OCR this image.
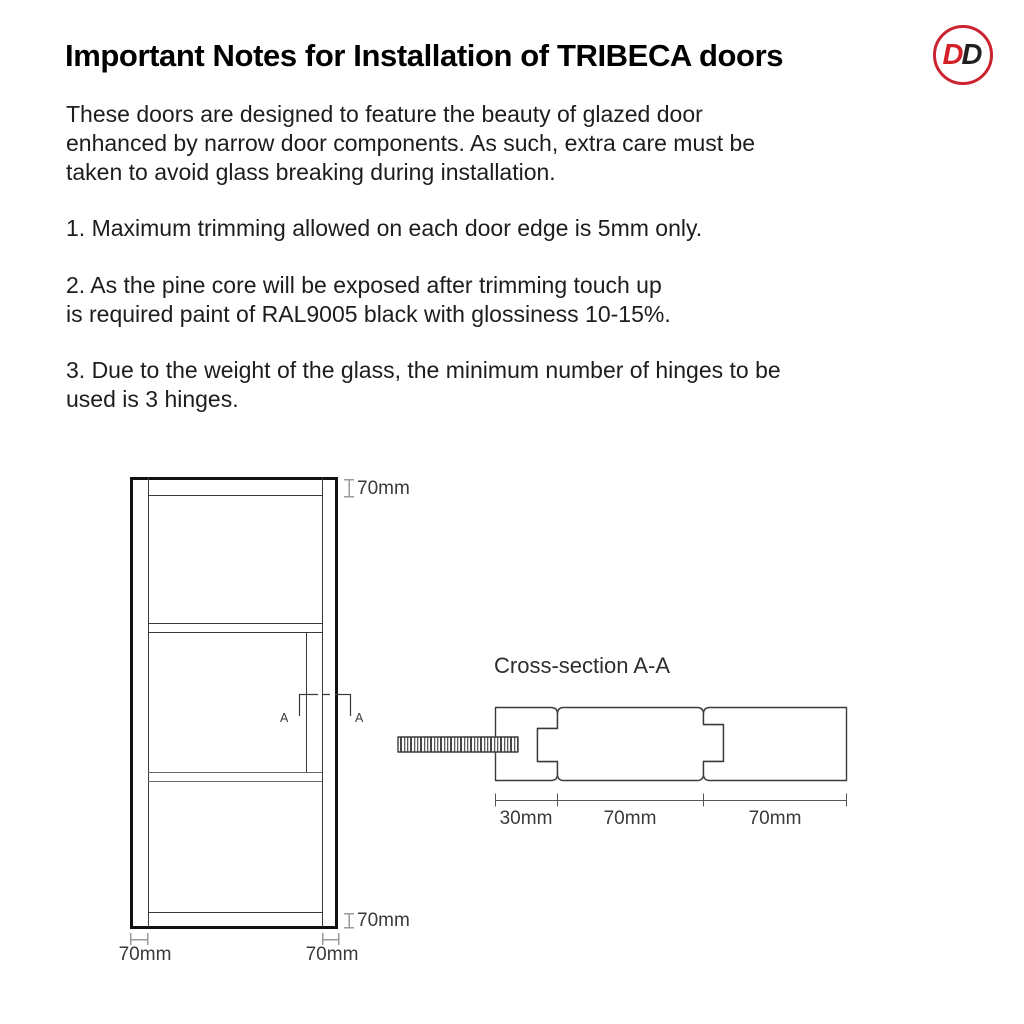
Important Notes for Installation of TRIBECA doors	D D
These doors are designed to feature the beauty of glazed door
enhanced by narrow door components. As such, extra care must be
taken to avoid glass breaking during installation.
1. Maximum trimming allowed on each door edge is 5mm only.
2. As the pine core will be exposed after trimming touch up
is required paint of RAL9005 black with glossiness 10-15%.
3. Due to the weight of the glass, the minimum number of hinges to be
used is 3 hinges.
70mm
70mm
70mm	70mm
A	A
Cross-section A-A
30mm	70mm	70mm
